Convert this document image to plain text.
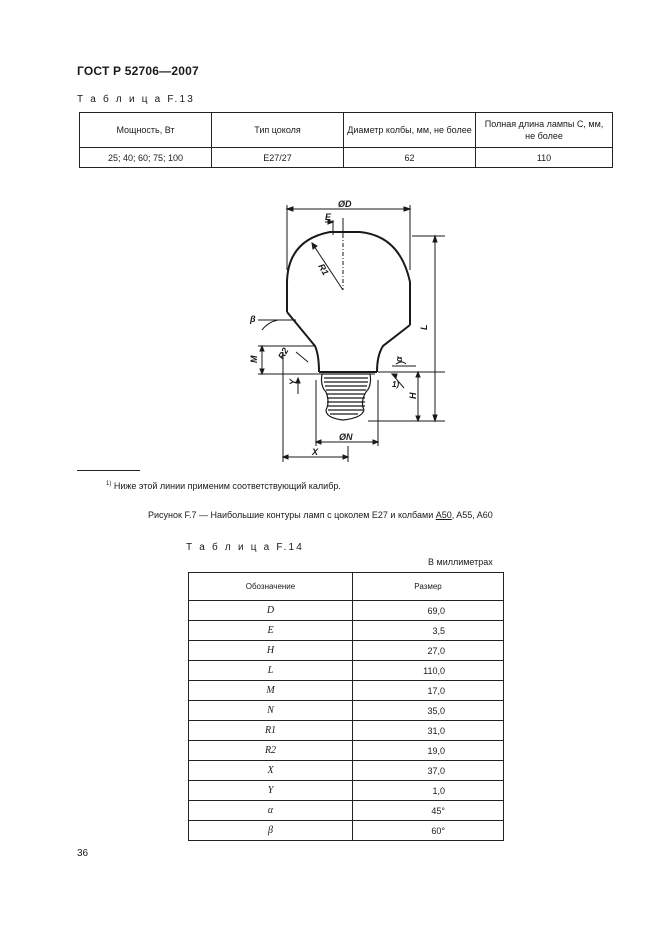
ГОСТ Р 52706—2007
Т а б л и ц а F.13
Мощность, Вт	Тип цоколя	Диаметр колбы, мм, не более	Полная длина лампы C, мм, не более
25; 40; 60; 75; 100	E27/27	62	110
ØD
E
R1
L
β
α
M R2
Y
H
ØN
X
1)
$^{1)}$ Ниже этой линии применим соответствующий калибр.
Рисунок F.7 — Наибольшие контуры ламп с цоколем E27 и колбами A50, A55, A60
Т а б л и ц а F.14
В миллиметрах
Обозначение	Размер
D	69,0
E	3,5
H	27,0
L	110,0
M	17,0
N	35,0
R1	31,0
R2	19,0
X	37,0
Y	1,0
α	45°
β	60°
36
